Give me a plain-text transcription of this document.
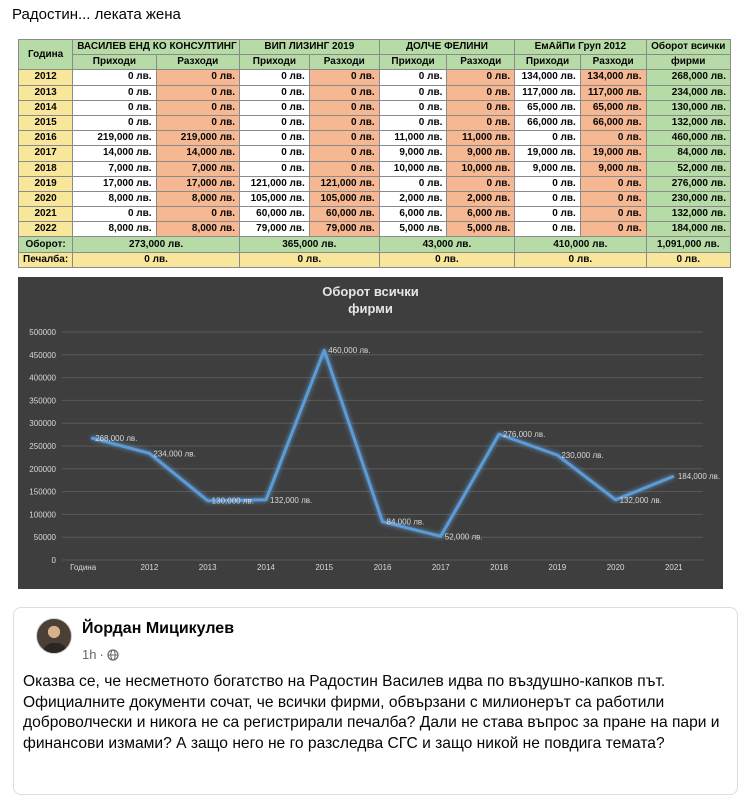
Радостин... леката жена
Година	ВАСИЛЕВ ЕНД КО КОНСУЛТИНГ		ВИП ЛИЗИНГ 2019		ДОЛЧЕ ФЕЛИНИ		ЕмАйПи Груп 2012		Оборот всички
	Приходи	Разходи	Приходи	Разходи	Приходи	Разходи	Приходи	Разходи	фирми
2012	0 лв.	0 лв.	0 лв.	0 лв.	0 лв.	0 лв.	134,000 лв.	134,000 лв.	268,000 лв.
2013	0 лв.	0 лв.	0 лв.	0 лв.	0 лв.	0 лв.	117,000 лв.	117,000 лв.	234,000 лв.
2014	0 лв.	0 лв.	0 лв.	0 лв.	0 лв.	0 лв.	65,000 лв.	65,000 лв.	130,000 лв.
2015	0 лв.	0 лв.	0 лв.	0 лв.	0 лв.	0 лв.	66,000 лв.	66,000 лв.	132,000 лв.
2016	219,000 лв.	219,000 лв.	0 лв.	0 лв.	11,000 лв.	11,000 лв.	0 лв.	0 лв.	460,000 лв.
2017	14,000 лв.	14,000 лв.	0 лв.	0 лв.	9,000 лв.	9,000 лв.	19,000 лв.	19,000 лв.	84,000 лв.
2018	7,000 лв.	7,000 лв.	0 лв.	0 лв.	10,000 лв.	10,000 лв.	9,000 лв.	9,000 лв.	52,000 лв.
2019	17,000 лв.	17,000 лв.	121,000 лв.	121,000 лв.	0 лв.	0 лв.	0 лв.	0 лв.	276,000 лв.
2020	8,000 лв.	8,000 лв.	105,000 лв.	105,000 лв.	2,000 лв.	2,000 лв.	0 лв.	0 лв.	230,000 лв.
2021	0 лв.	0 лв.	60,000 лв.	60,000 лв.	6,000 лв.	6,000 лв.	0 лв.	0 лв.	132,000 лв.
2022	8,000 лв.	8,000 лв.	79,000 лв.	79,000 лв.	5,000 лв.	5,000 лв.	0 лв.	0 лв.	184,000 лв.
Оборот:	273,000 лв.		365,000 лв.		43,000 лв.		410,000 лв.		1,091,000 лв.
Печалба:	0 лв.		0 лв.		0 лв.		0 лв.		0 лв.
Оборот всички
фирми
0
50000
100000
150000
200000
250000
300000
350000
400000
450000
500000
Година	2012	2013	2014	2015	2016	2017	2018	2019	2020	2021
268,000 лв.
234,000 лв.
130,000 лв. 132,000 лв.
460,000 лв.
84,000 лв.
52,000 лв.
276,000 лв.
230,000 лв.
132,000 лв.
184,000 лв.
Йордан Мицикулев
1h ·
Оказва се, че несметното богатство на Радостин Василев идва по въздушно-капков път. Официалните документи сочат, че всички фирми, обвързани с милионерът са работили доброволчески и никога не са регистрирали печалба? Дали не става въпрос за пране на пари и финансови измами? А защо него не го разследва СГС и защо никой не повдига темата?
